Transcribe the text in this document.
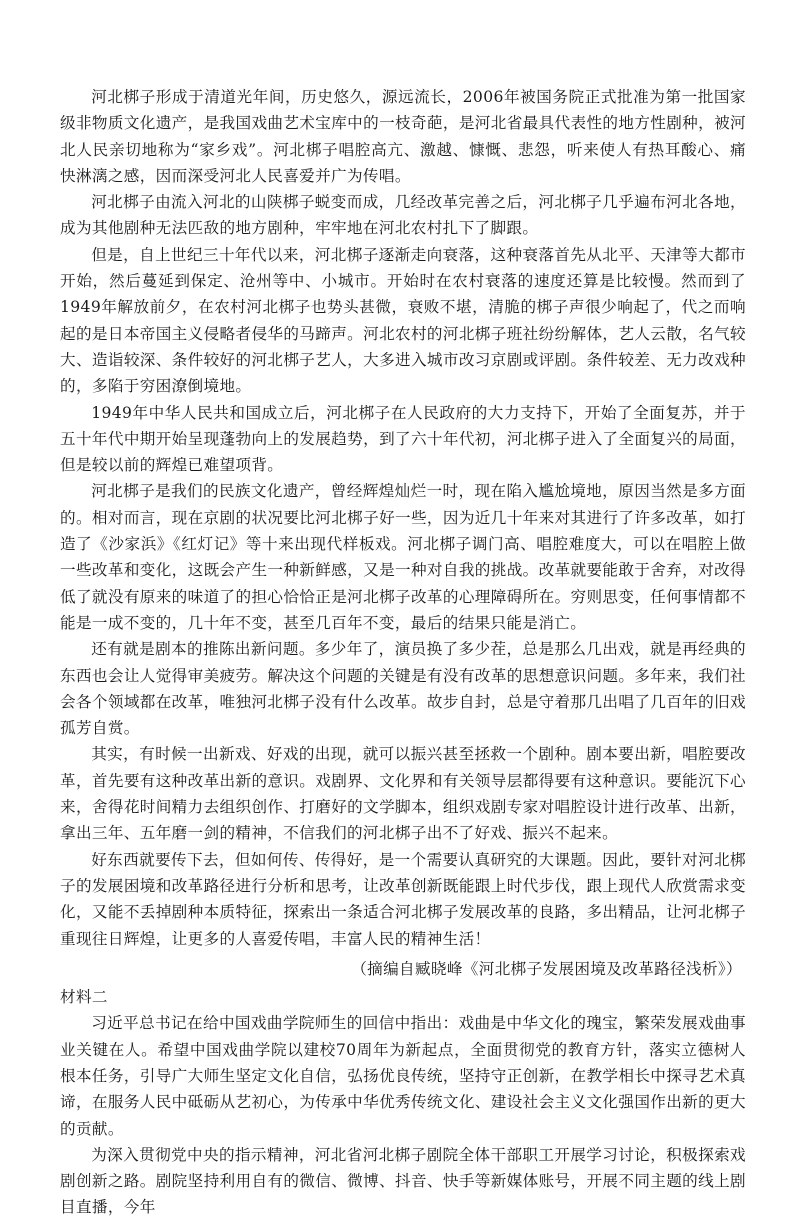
河北梆子形成于清道光年间，历史悠久，源远流长，2006年被国务院正式批准为第一批国家级非物质文化遗产，是我国戏曲艺术宝库中的一枝奇葩，是河北省最具代表性的地方性剧种，被河北人民亲切地称为“家乡戏”。河北梆子唱腔高亢、激越、慷慨、悲怨，听来使人有热耳酸心、痛快淋漓之感，因而深受河北人民喜爱并广为传唱。

河北梆子由流入河北的山陕梆子蜕变而成，几经改革完善之后，河北梆子几乎遍布河北各地，成为其他剧种无法匹敌的地方剧种，牢牢地在河北农村扎下了脚跟。

但是，自上世纪三十年代以来，河北梆子逐渐走向衰落，这种衰落首先从北平、天津等大都市开始，然后蔓延到保定、沧州等中、小城市。开始时在农村衰落的速度还算是比较慢。然而到了1949年解放前夕，在农村河北梆子也势头甚微，衰败不堪，清脆的梆子声很少响起了，代之而响起的是日本帝国主义侵略者侵华的马蹄声。河北农村的河北梆子班社纷纷解体，艺人云散，名气较大、造诣较深、条件较好的河北梆子艺人，大多进入城市改习京剧或评剧。条件较差、无力改戏种的，多陷于穷困潦倒境地。

1949年中华人民共和国成立后，河北梆子在人民政府的大力支持下，开始了全面复苏，并于五十年代中期开始呈现蓬勃向上的发展趋势，到了六十年代初，河北梆子进入了全面复兴的局面，但是较以前的辉煌已难望项背。

河北梆子是我们的民族文化遗产，曾经辉煌灿烂一时，现在陷入尴尬境地，原因当然是多方面的。相对而言，现在京剧的状况要比河北梆子好一些，因为近几十年来对其进行了许多改革，如打造了《沙家浜》《红灯记》等十来出现代样板戏。河北梆子调门高、唱腔难度大，可以在唱腔上做一些改革和变化，这既会产生一种新鲜感，又是一种对自我的挑战。改革就要能敢于舍弃，对改得低了就没有原来的味道了的担心恰恰正是河北梆子改革的心理障碍所在。穷则思变，任何事情都不能是一成不变的，几十年不变，甚至几百年不变，最后的结果只能是消亡。

还有就是剧本的推陈出新问题。多少年了，演员换了多少茬，总是那么几出戏，就是再经典的东西也会让人觉得审美疲劳。解决这个问题的关键是有没有改革的思想意识问题。多年来，我们社会各个领域都在改革，唯独河北梆子没有什么改革。故步自封，总是守着那几出唱了几百年的旧戏孤芳自赏。

其实，有时候一出新戏、好戏的出现，就可以振兴甚至拯救一个剧种。剧本要出新，唱腔要改革，首先要有这种改革出新的意识。戏剧界、文化界和有关领导层都得要有这种意识。要能沉下心来，舍得花时间精力去组织创作、打磨好的文学脚本，组织戏剧专家对唱腔设计进行改革、出新，拿出三年、五年磨一剑的精神，不信我们的河北梆子出不了好戏、振兴不起来。

好东西就要传下去，但如何传、传得好，是一个需要认真研究的大课题。因此，要针对河北梆子的发展困境和改革路径进行分析和思考，让改革创新既能跟上时代步伐，跟上现代人欣赏需求变化，又能不丢掉剧种本质特征，探索出一条适合河北梆子发展改革的良路，多出精品，让河北梆子重现往日辉煌，让更多的人喜爱传唱，丰富人民的精神生活！

（摘编自臧晓峰《河北梆子发展困境及改革路径浅析》）

材料二

习近平总书记在给中国戏曲学院师生的回信中指出：戏曲是中华文化的瑰宝，繁荣发展戏曲事业关键在人。希望中国戏曲学院以建校70周年为新起点，全面贯彻党的教育方针，落实立德树人根本任务，引导广大师生坚定文化自信，弘扬优良传统，坚持守正创新，在教学相长中探寻艺术真谛，在服务人民中砥砺从艺初心，为传承中华优秀传统文化、建设社会主义文化强国作出新的更大的贡献。

为深入贯彻党中央的指示精神，河北省河北梆子剧院全体干部职工开展学习讨论，积极探索戏剧创新之路。剧院坚持利用自有的微信、微博、抖音、快手等新媒体账号，开展不同主题的线上剧目直播，今年
